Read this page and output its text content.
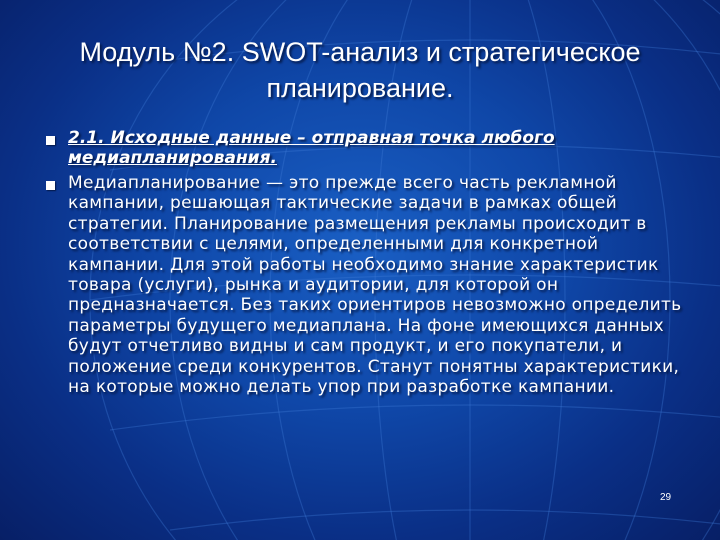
Модуль №2. SWOT-анализ и стратегическое планирование.
2.1. Исходные данные – отправная точка любого медиапланирования.
Медиапланирование — это прежде всего часть рекламной кампании, решающая тактические задачи в рамках общей стратегии. Планирование размещения рекламы происходит в соответствии с целями, определенными для конкретной кампании. Для этой работы необходимо знание характеристик товара (услуги), рынка и аудитории, для которой он предназначается. Без таких ориентиров невозможно определить параметры будущего медиаплана. На фоне имеющихся данных будут отчетливо видны и сам продукт, и его покупатели, и положение среди конкурентов. Станут понятны характеристики, на которые можно делать упор при разработке кампании.
29
